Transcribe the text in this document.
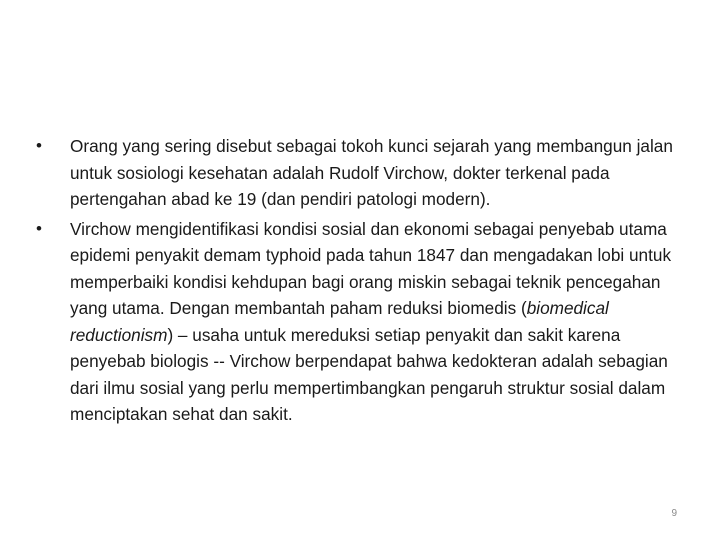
•	Orang yang sering disebut sebagai tokoh kunci sejarah yang membangun jalan untuk sosiologi kesehatan adalah Rudolf Virchow, dokter terkenal pada pertengahan abad ke 19 (dan pendiri patologi modern).
•	Virchow mengidentifikasi kondisi sosial dan ekonomi sebagai penyebab utama epidemi penyakit demam typhoid pada tahun 1847 dan mengadakan lobi untuk memperbaiki kondisi kehdupan bagi orang miskin sebagai teknik pencegahan yang utama. Dengan membantah paham reduksi biomedis (biomedical reductionism) – usaha untuk mereduksi setiap penyakit dan sakit karena penyebab biologis -- Virchow berpendapat bahwa kedokteran adalah sebagian dari ilmu sosial yang perlu mempertimbangkan pengaruh struktur sosial dalam menciptakan sehat dan sakit.
9
